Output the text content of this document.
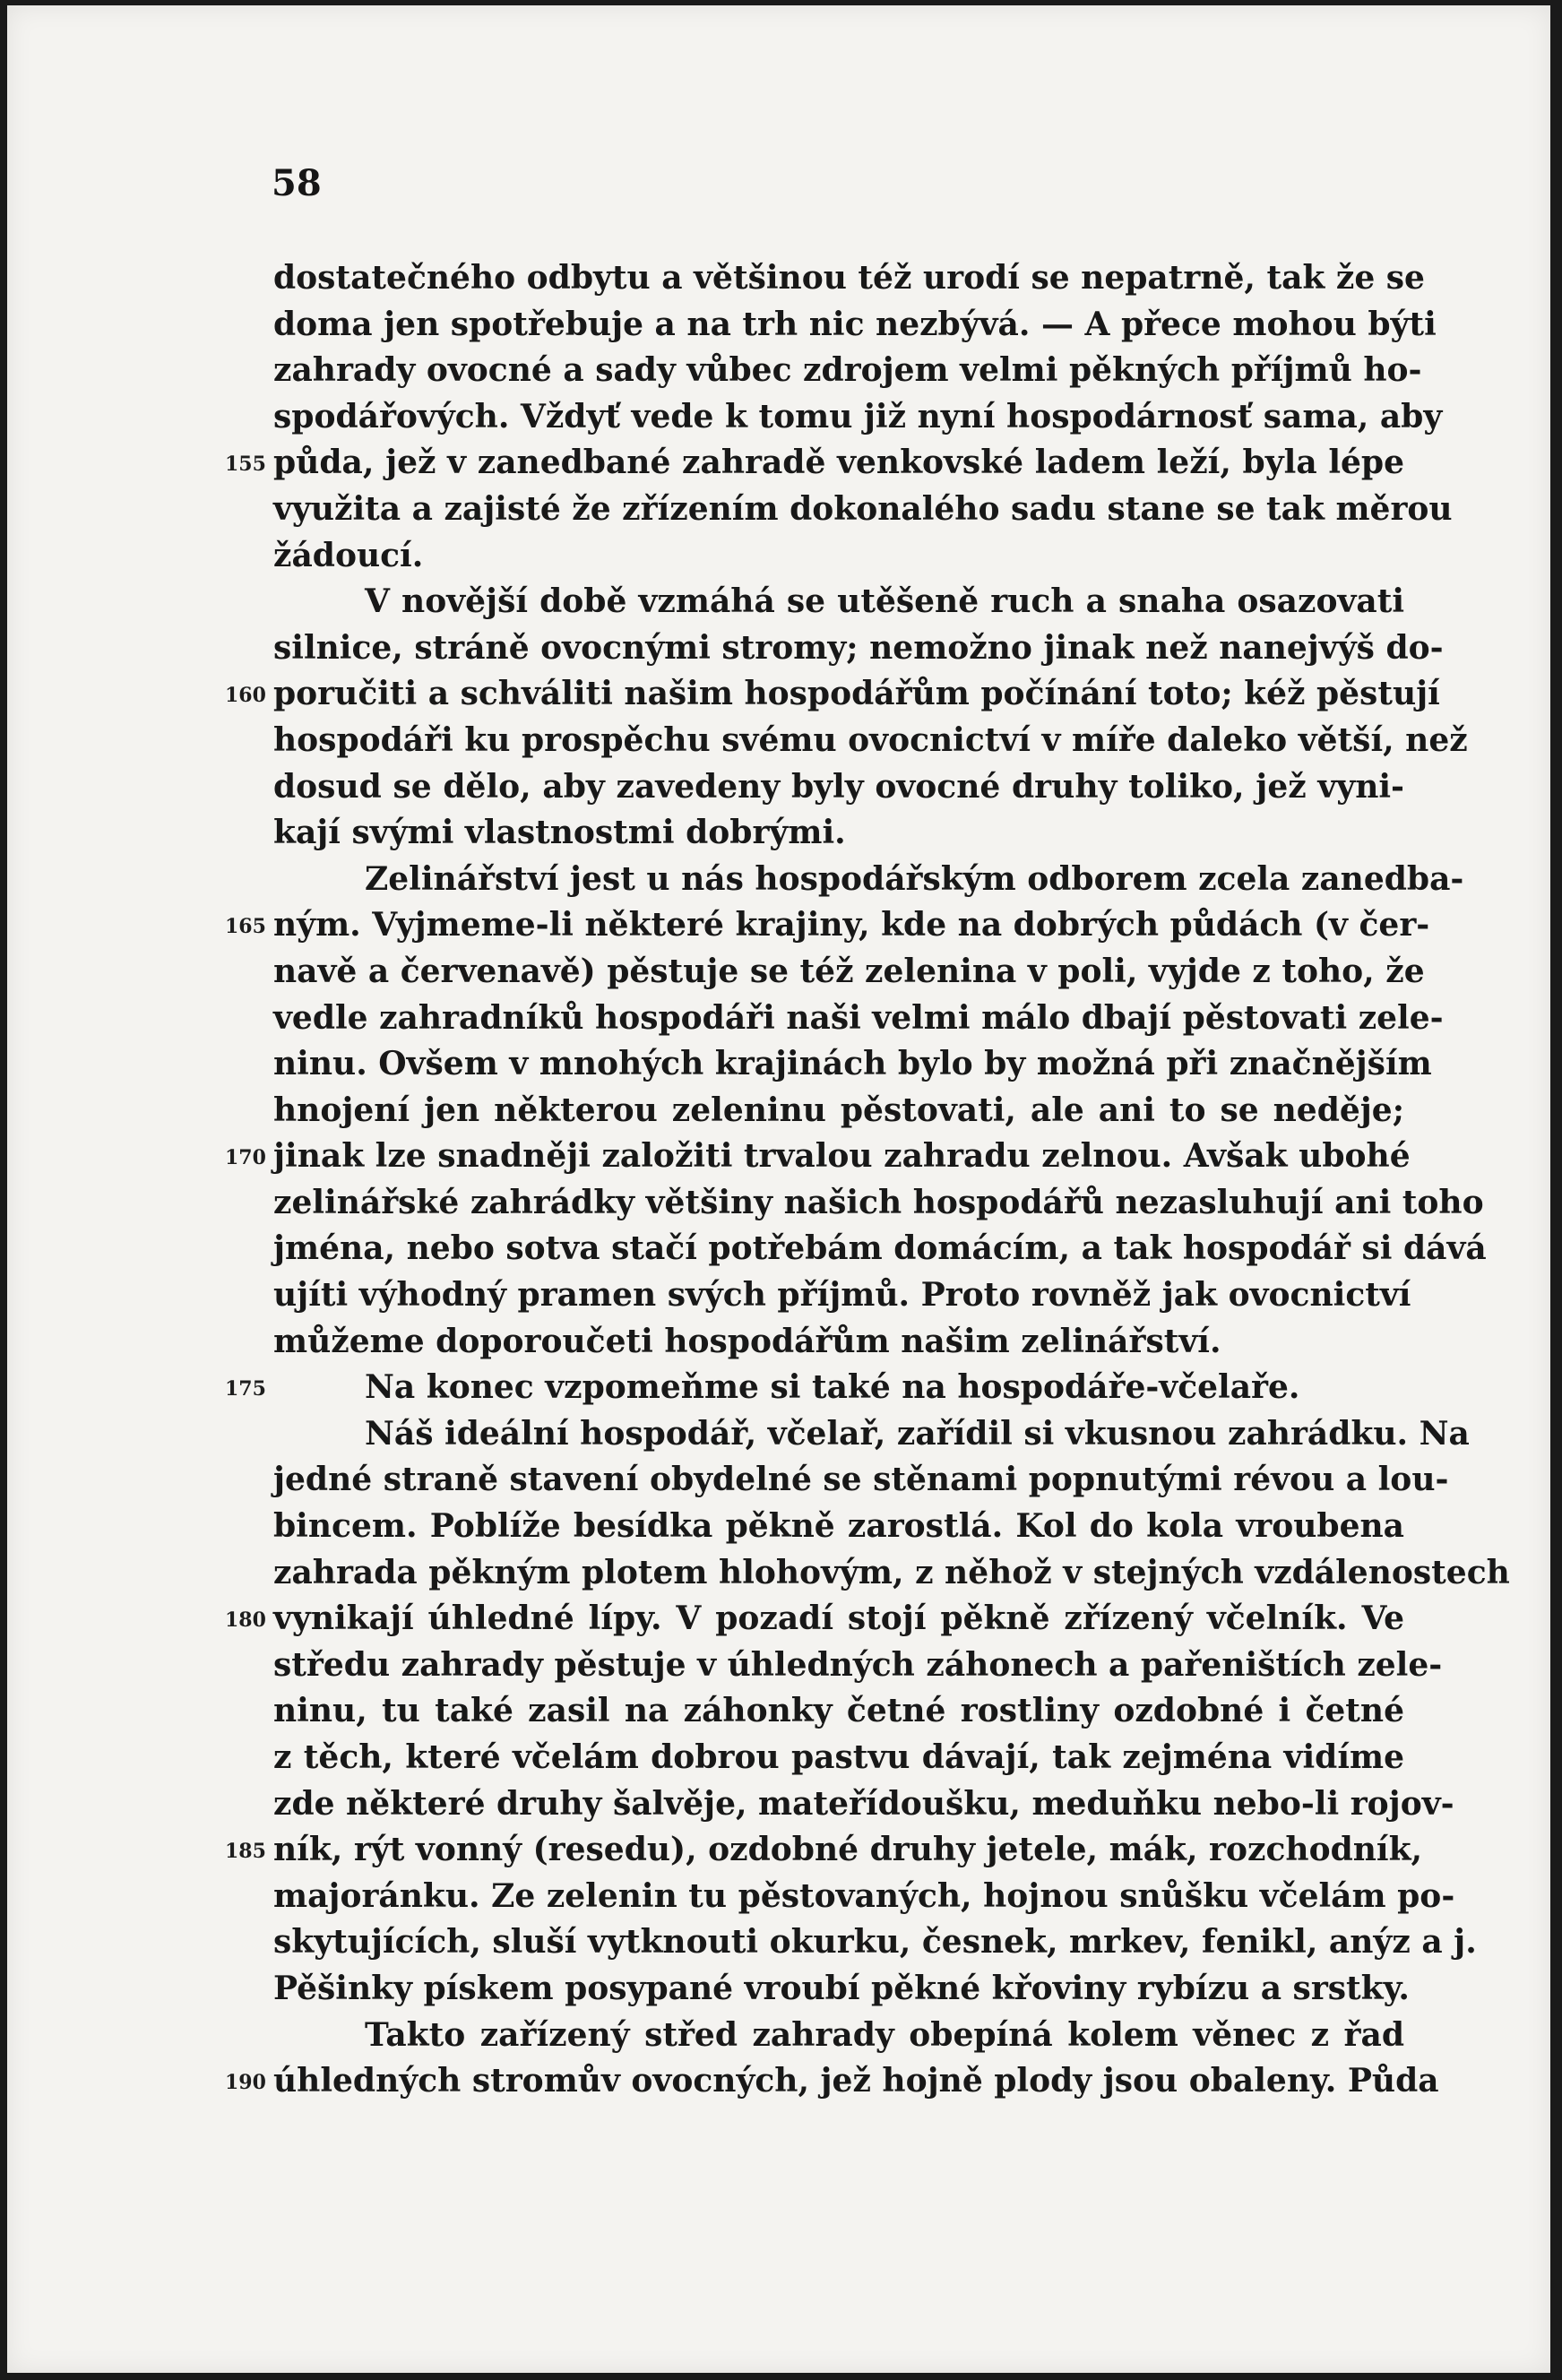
58
dostatečného odbytu a většinou též urodí se nepatrně, tak že se
doma jen spotřebuje a na trh nic nezbývá. — A přece mohou býti
zahrady ovocné a sady vůbec zdrojem velmi pěkných příjmů ho-
spodářových. Vždyť vede k tomu již nyní hospodárnosť sama, aby
155 půda, jež v zanedbané zahradě venkovské ladem leží, byla lépe
využita a zajisté že zřízením dokonalého sadu stane se tak měrou
žádoucí.
V novější době vzmáhá se utěšeně ruch a snaha osazovati
silnice, stráně ovocnými stromy; nemožno jinak než nanejvýš do-
160 poručiti a schváliti našim hospodářům počínání toto; kéž pěstují
hospodáři ku prospěchu svému ovocnictví v míře daleko větší, než
dosud se dělo, aby zavedeny byly ovocné druhy toliko, jež vyni-
kají svými vlastnostmi dobrými.
Zelinářství jest u nás hospodářským odborem zcela zanedba-
165 ným. Vyjmeme-li některé krajiny, kde na dobrých půdách (v čer-
navě a červenavě) pěstuje se též zelenina v poli, vyjde z toho, že
vedle zahradníků hospodáři naši velmi málo dbají pěstovati zele-
ninu. Ovšem v mnohých krajinách bylo by možná při značnějším
hnojení jen některou zeleninu pěstovati, ale ani to se neděje;
170 jinak lze snadněji založiti trvalou zahradu zelnou. Avšak ubohé
zelinářské zahrádky většiny našich hospodářů nezasluhují ani toho
jména, nebo sotva stačí potřebám domácím, a tak hospodář si dává
ujíti výhodný pramen svých příjmů. Proto rovněž jak ovocnictví
můžeme doporoučeti hospodářům našim zelinářství.
175	Na konec vzpomeňme si také na hospodáře-včelaře.
Náš ideální hospodář, včelař, zařídil si vkusnou zahrádku. Na
jedné straně stavení obydelné se stěnami popnutými révou a lou-
bincem. Poblíže besídka pěkně zarostlá. Kol do kola vroubena
zahrada pěkným plotem hlohovým, z něhož v stejných vzdálenostech
180 vynikají úhledné lípy. V pozadí stojí pěkně zřízený včelník. Ve
středu zahrady pěstuje v úhledných záhonech a pařeništích zele-
ninu, tu také zasil na záhonky četné rostliny ozdobné i četné
z těch, které včelám dobrou pastvu dávají, tak zejména vidíme
zde některé druhy šalvěje, mateřídoušku, meduňku nebo-li rojov-
185 ník, rýt vonný (resedu), ozdobné druhy jetele, mák, rozchodník,
majoránku. Ze zelenin tu pěstovaných, hojnou snůšku včelám po-
skytujících, sluší vytknouti okurku, česnek, mrkev, fenikl, anýz a j.
Pěšinky pískem posypané vroubí pěkné křoviny rybízu a srstky.
Takto zařízený střed zahrady obepíná kolem věnec z řad
190 úhledných stromův ovocných, jež hojně plody jsou obaleny. Půda
